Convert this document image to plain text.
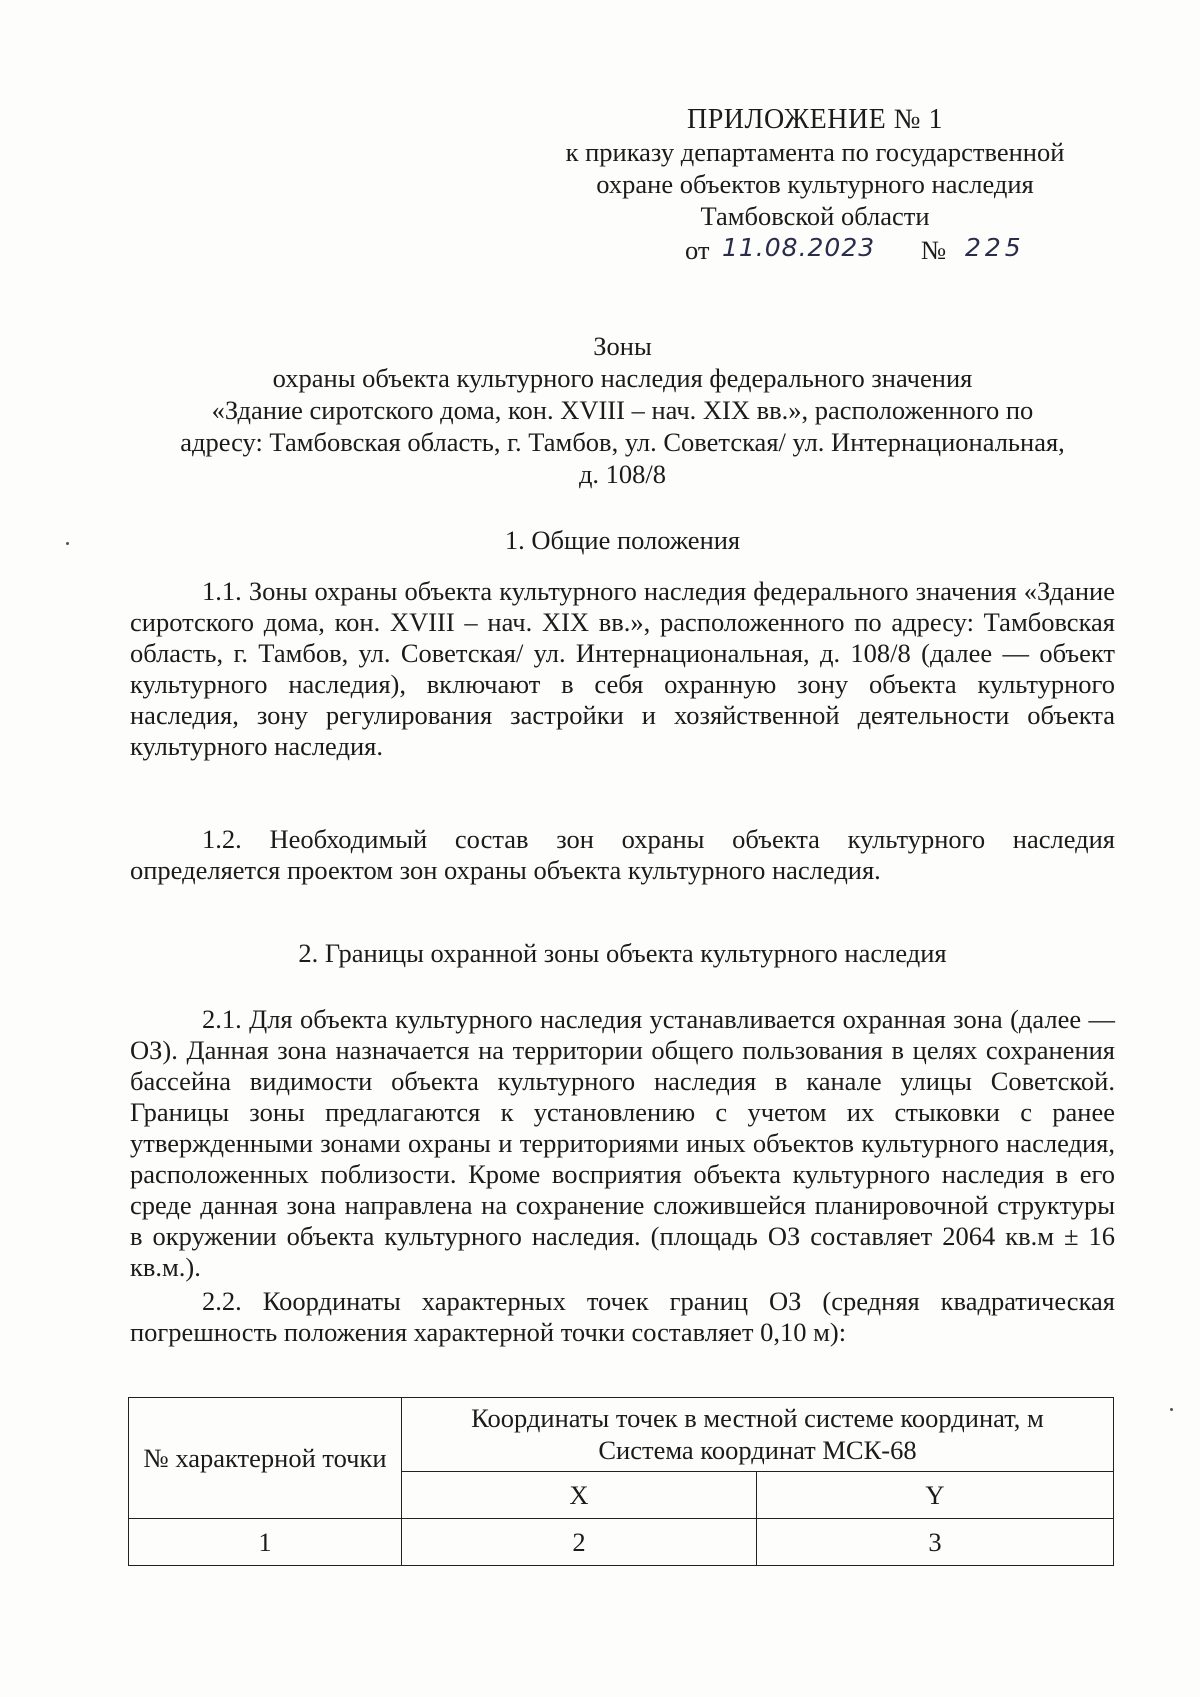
ПРИЛОЖЕНИЕ № 1
к приказу департамента по государственной
охране объектов культурного наследия
Тамбовской области
от 11.08.2023 № 225
Зоны
охраны объекта культурного наследия федерального значения
«Здание сиротского дома, кон. XVIII – нач. XIX вв.», расположенного по
адресу: Тамбовская область, г. Тамбов, ул. Советская/ ул. Интернациональная,
д. 108/8
1. Общие положения

1.1. Зоны охраны объекта культурного наследия федерального значения «Здание сиротского дома, кон. XVIII – нач. XIX вв.», расположенного по адресу: Тамбовская область, г. Тамбов, ул. Советская/ ул. Интернациональная, д. 108/8 (далее — объект культурного наследия), включают в себя охранную зону объекта культурного наследия, зону регулирования застройки и хозяйственной деятельности объекта культурного наследия.

1.2. Необходимый состав зон охраны объекта культурного наследия определяется проектом зон охраны объекта культурного наследия.

2. Границы охранной зоны объекта культурного наследия

2.1. Для объекта культурного наследия устанавливается охранная зона (далее — ОЗ). Данная зона назначается на территории общего пользования в целях сохранения бассейна видимости объекта культурного наследия в канале улицы Советской. Границы зоны предлагаются к установлению с учетом их стыковки с ранее утвержденными зонами охраны и территориями иных объектов культурного наследия, расположенных поблизости. Кроме восприятия объекта культурного наследия в его среде данная зона направлена на сохранение сложившейся планировочной структуры в окружении объекта культурного наследия. (площадь ОЗ составляет 2064 кв.м ± 16 кв.м.).

2.2. Координаты характерных точек границ ОЗ (средняя квадратическая погрешность положения характерной точки составляет 0,10 м):

№ характерной точки	Координаты точек в местной системе координат, м
Система координат МСК-68	

	X	Y
1	2	3
